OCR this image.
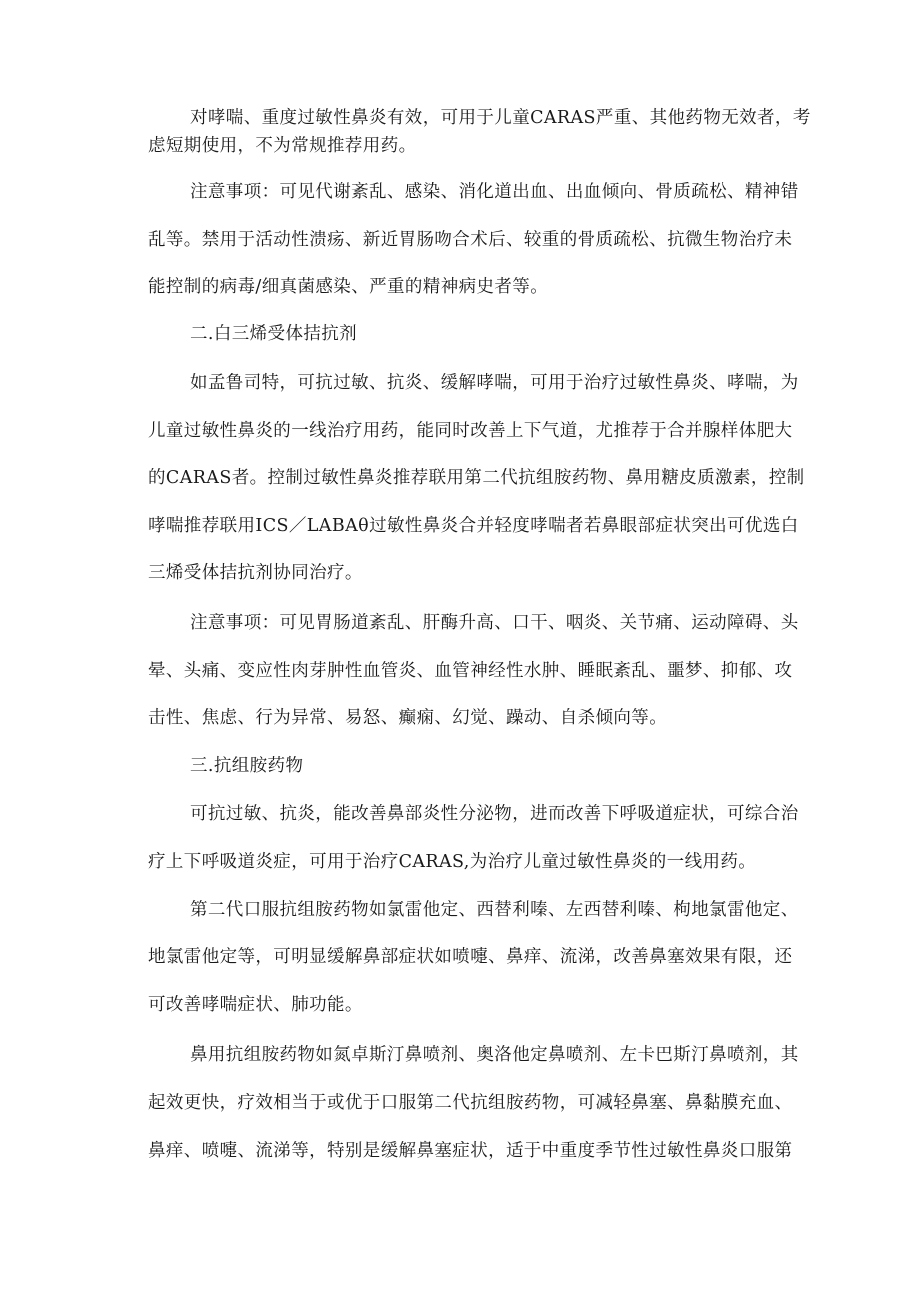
对哮喘、重度过敏性鼻炎有效，可用于儿童CARAS严重、其他药物无效者，考
虑短期使用，不为常规推荐用药。
注意事项：可见代谢紊乱、感染、消化道出血、出血倾向、骨质疏松、精神错
乱等。禁用于活动性溃疡、新近胃肠吻合术后、较重的骨质疏松、抗微生物治疗未
能控制的病毒/细真菌感染、严重的精神病史者等。
二.白三烯受体拮抗剂
如孟鲁司特，可抗过敏、抗炎、缓解哮喘，可用于治疗过敏性鼻炎、哮喘，为
儿童过敏性鼻炎的一线治疗用药，能同时改善上下气道，尤推荐于合并腺样体肥大
的CARAS者。控制过敏性鼻炎推荐联用第二代抗组胺药物、鼻用糖皮质激素，控制
哮喘推荐联用ICS／LABAθ过敏性鼻炎合并轻度哮喘者若鼻眼部症状突出可优选白
三烯受体拮抗剂协同治疗。
注意事项：可见胃肠道紊乱、肝酶升高、口干、咽炎、关节痛、运动障碍、头
晕、头痛、变应性肉芽肿性血管炎、血管神经性水肿、睡眠紊乱、噩梦、抑郁、攻
击性、焦虑、行为异常、易怒、癫痫、幻觉、躁动、自杀倾向等。
三.抗组胺药物
可抗过敏、抗炎，能改善鼻部炎性分泌物，进而改善下呼吸道症状，可综合治
疗上下呼吸道炎症，可用于治疗CARAS,为治疗儿童过敏性鼻炎的一线用药。
第二代口服抗组胺药物如氯雷他定、西替利嗪、左西替利嗪、枸地氯雷他定、
地氯雷他定等，可明显缓解鼻部症状如喷嚏、鼻痒、流涕，改善鼻塞效果有限，还
可改善哮喘症状、肺功能。
鼻用抗组胺药物如氮卓斯汀鼻喷剂、奥洛他定鼻喷剂、左卡巴斯汀鼻喷剂，其
起效更快，疗效相当于或优于口服第二代抗组胺药物，可减轻鼻塞、鼻黏膜充血、
鼻痒、喷嚏、流涕等，特别是缓解鼻塞症状，适于中重度季节性过敏性鼻炎口服第
